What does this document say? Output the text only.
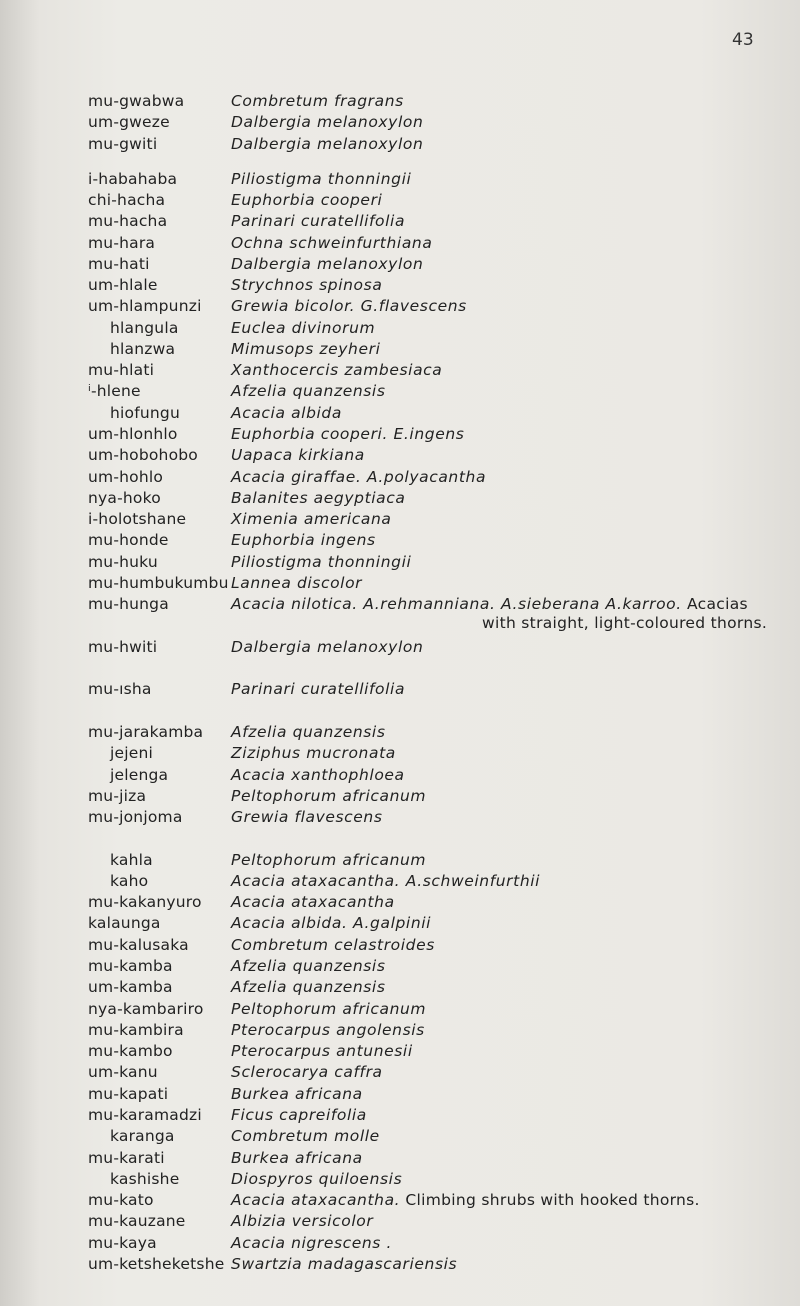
43
mu-gwabwa
um-gweze
mu-gwiti
i-habahaba
chi-hacha
mu-hacha
mu-hara
mu-hati
um-hlale
um-hlampunzi
hlangula
hlanzwa
mu-hlati
ⁱ-hlene
hiofungu
um-hlonhlo
um-hobohobo
um-hohlo
nya-hoko
i-holotshane
mu-honde
mu-huku
mu-humbukumbu
mu-hunga
mu-hwiti
mu-ısha
mu-jarakamba
jejeni
jelenga
mu-jiza
mu-jonjoma
kahla
kaho
mu-kakanyuro
kalaunga
mu-kalusaka
mu-kamba
um-kamba
nya-kambariro
mu-kambira
mu-kambo
um-kanu
mu-kapati
mu-karamadzi
karanga
mu-karati
kashishe
mu-kato
mu-kauzane
mu-kaya
um-ketsheketshe
Combretum fragrans
Dalbergia melanoxylon
Dalbergia melanoxylon
Piliostigma thonningii
Euphorbia cooperi
Parinari curatellifolia
Ochna schweinfurthiana
Dalbergia melanoxylon
Strychnos spinosa
Grewia bicolor. G.flavescens
Euclea divinorum
Mimusops zeyheri
Xanthocercis zambesiaca
Afzelia quanzensis
Acacia albida
Euphorbia cooperi. E.ingens
Uapaca kirkiana
Acacia giraffae. A.polyacantha
Balanites aegyptiaca
Ximenia americana
Euphorbia ingens
Piliostigma thonningii
Lannea discolor
Acacia nilotica. A.rehmanniana. A.sieberana A.karroo. Acacias
with straight, light-coloured thorns.
Dalbergia melanoxylon
Parinari curatellifolia
Afzelia quanzensis
Ziziphus mucronata
Acacia xanthophloea
Peltophorum africanum
Grewia flavescens
Peltophorum africanum
Acacia ataxacantha. A.schweinfurthii
Acacia ataxacantha
Acacia albida. A.galpinii
Combretum celastroides
Afzelia quanzensis
Afzelia quanzensis
Peltophorum africanum
Pterocarpus angolensis
Pterocarpus antunesii
Sclerocarya caffra
Burkea africana
Ficus capreifolia
Combretum molle
Burkea africana
Diospyros quiloensis
Acacia ataxacantha. Climbing shrubs with hooked thorns.
Albizia versicolor
Acacia nigrescens .
Swartzia madagascariensis
